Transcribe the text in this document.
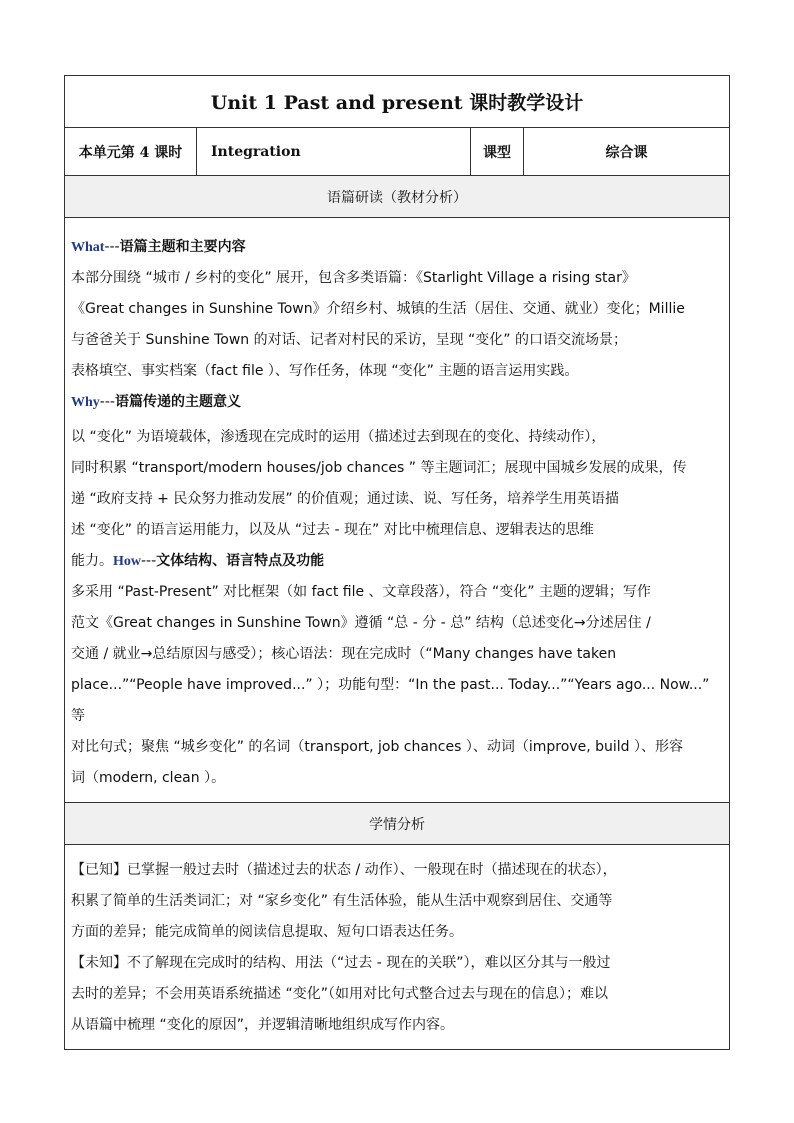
Unit 1 Past and present 课时教学设计
本单元第 4 课时 Integration	课型	综合课
语篇研读（教材分析）

What---语篇主题和主要内容

本部分围绕 “城市 / 乡村的变化” 展开，包含多类语篇：《Starlight Village a rising star》

《Great changes in Sunshine Town》介绍乡村、城镇的生活（居住、交通、就业）变化；Millie

与爸爸关于 Sunshine Town 的对话、记者对村民的采访，呈现 “变化” 的口语交流场景；

表格填空、事实档案（fact file ）、写作任务，体现 “变化” 主题的语言运用实践。

Why---语篇传递的主题意义

以 “变化” 为语境载体，渗透现在完成时的运用（描述过去到现在的变化、持续动作），

同时积累 “transport/modern houses/job chances ” 等主题词汇；展现中国城乡发展的成果，传

递 “政府支持 + 民众努力推动发展” 的价值观；通过读、说、写任务，培养学生用英语描

述 “变化” 的语言运用能力，以及从 “过去 - 现在” 对比中梳理信息、逻辑表达的思维

能力。How---文体结构、语言特点及功能

多采用 “Past-Present” 对比框架（如 fact file 、文章段落），符合 “变化” 主题的逻辑；写作

范文《Great changes in Sunshine Town》遵循 “总 - 分 - 总” 结构（总述变化→分述居住 /

交通 / 就业→总结原因与感受）；核心语法：现在完成时（“Many changes have taken

place...”“People have improved...” ）；功能句型：“In the past... Today...”“Years ago... Now...” 等

对比句式；聚焦 “城乡变化” 的名词（transport, job chances ）、动词（improve, build ）、形容

词（modern, clean ）。

学情分析

【已知】已掌握一般过去时（描述过去的状态 / 动作）、一般现在时（描述现在的状态），

积累了简单的生活类词汇；对 “家乡变化” 有生活体验，能从生活中观察到居住、交通等

方面的差异；能完成简单的阅读信息提取、短句口语表达任务。

【未知】不了解现在完成时的结构、用法（“过去 - 现在的关联”），难以区分其与一般过

去时的差异；不会用英语系统描述 “变化”（如用对比句式整合过去与现在的信息）；难以

从语篇中梳理 “变化的原因”，并逻辑清晰地组织成写作内容。
